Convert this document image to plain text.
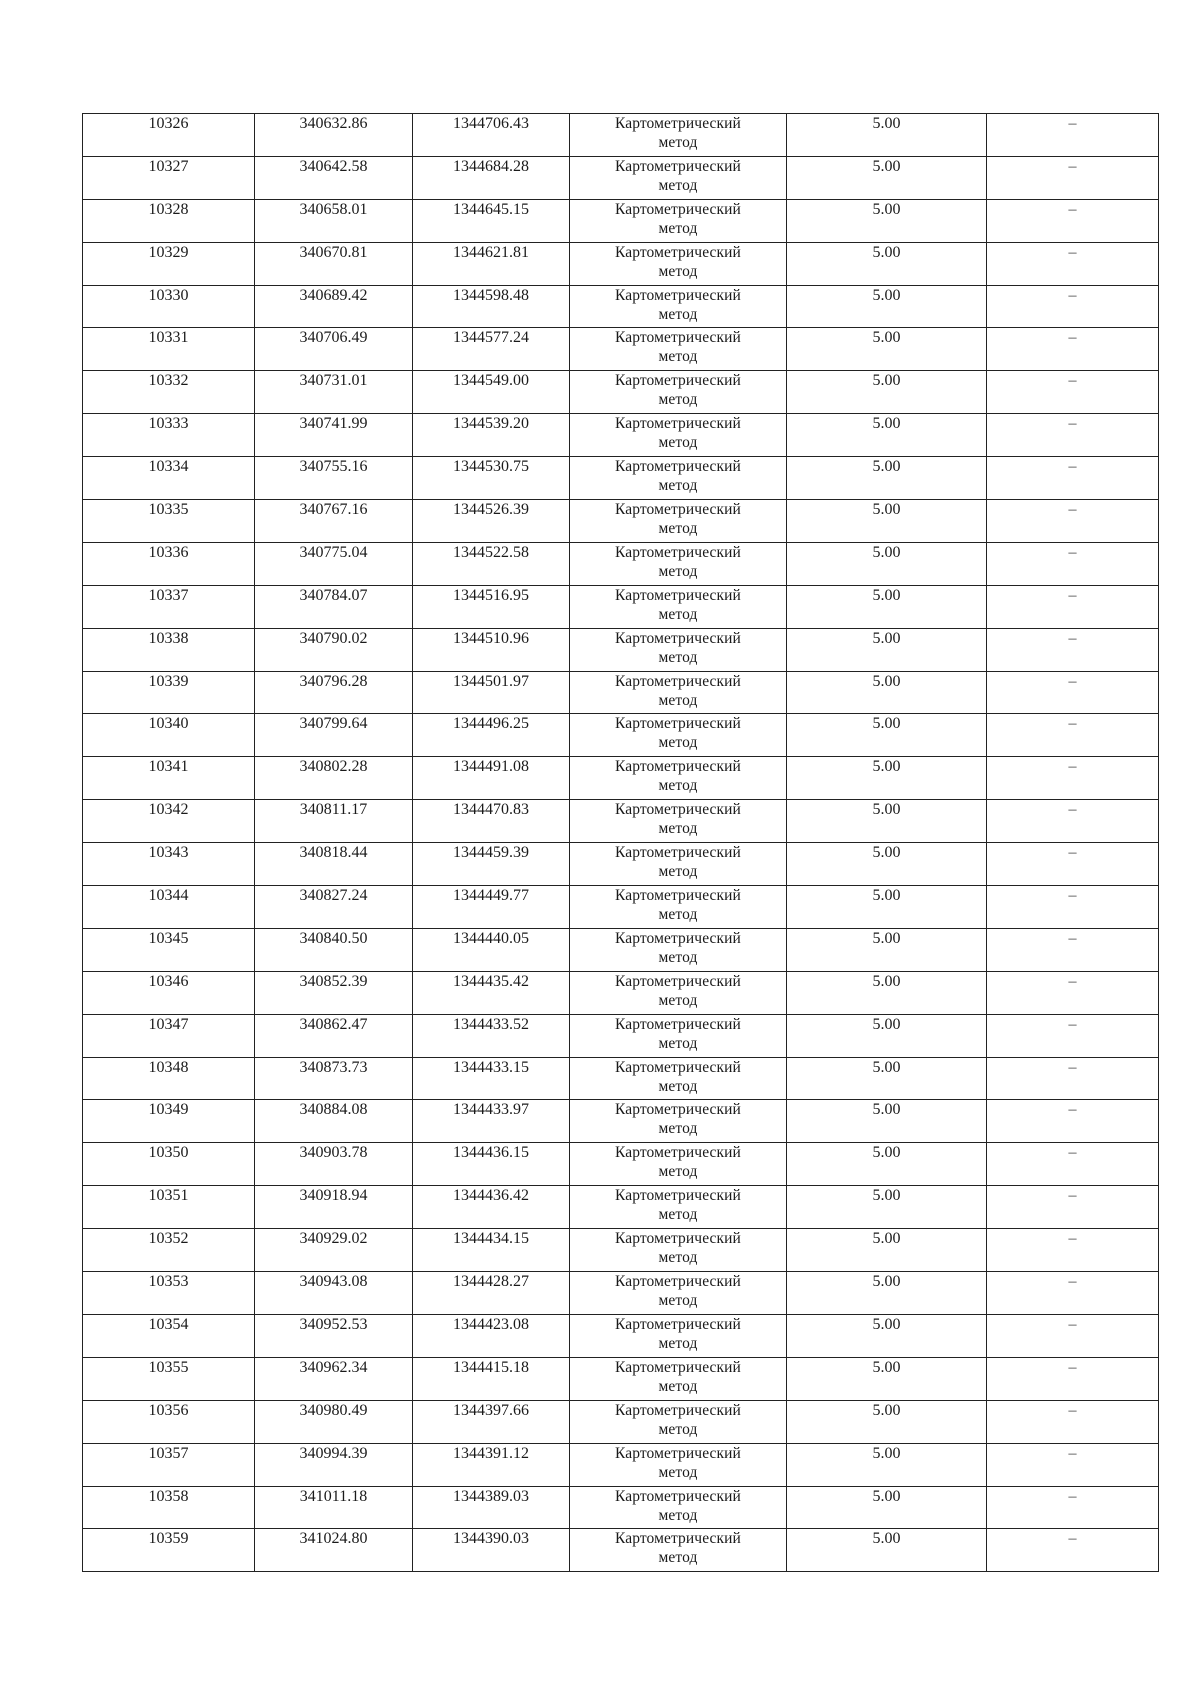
10326	340632.86	1344706.43	Картометрический
метод	5.00	–
10327	340642.58	1344684.28	Картометрический
метод	5.00	–
10328	340658.01	1344645.15	Картометрический
метод	5.00	–
10329	340670.81	1344621.81	Картометрический
метод	5.00	–
10330	340689.42	1344598.48	Картометрический
метод	5.00	–
10331	340706.49	1344577.24	Картометрический
метод	5.00	–
10332	340731.01	1344549.00	Картометрический
метод	5.00	–
10333	340741.99	1344539.20	Картометрический
метод	5.00	–
10334	340755.16	1344530.75	Картометрический
метод	5.00	–
10335	340767.16	1344526.39	Картометрический
метод	5.00	–
10336	340775.04	1344522.58	Картометрический
метод	5.00	–
10337	340784.07	1344516.95	Картометрический
метод	5.00	–
10338	340790.02	1344510.96	Картометрический
метод	5.00	–
10339	340796.28	1344501.97	Картометрический
метод	5.00	–
10340	340799.64	1344496.25	Картометрический
метод	5.00	–
10341	340802.28	1344491.08	Картометрический
метод	5.00	–
10342	340811.17	1344470.83	Картометрический
метод	5.00	–
10343	340818.44	1344459.39	Картометрический
метод	5.00	–
10344	340827.24	1344449.77	Картометрический
метод	5.00	–
10345	340840.50	1344440.05	Картометрический
метод	5.00	–
10346	340852.39	1344435.42	Картометрический
метод	5.00	–
10347	340862.47	1344433.52	Картометрический
метод	5.00	–
10348	340873.73	1344433.15	Картометрический
метод	5.00	–
10349	340884.08	1344433.97	Картометрический
метод	5.00	–
10350	340903.78	1344436.15	Картометрический
метод	5.00	–
10351	340918.94	1344436.42	Картометрический
метод	5.00	–
10352	340929.02	1344434.15	Картометрический
метод	5.00	–
10353	340943.08	1344428.27	Картометрический
метод	5.00	–
10354	340952.53	1344423.08	Картометрический
метод	5.00	–
10355	340962.34	1344415.18	Картометрический
метод	5.00	–
10356	340980.49	1344397.66	Картометрический
метод	5.00	–
10357	340994.39	1344391.12	Картометрический
метод	5.00	–
10358	341011.18	1344389.03	Картометрический
метод	5.00	–
10359	341024.80	1344390.03	Картометрический
метод	5.00	–
